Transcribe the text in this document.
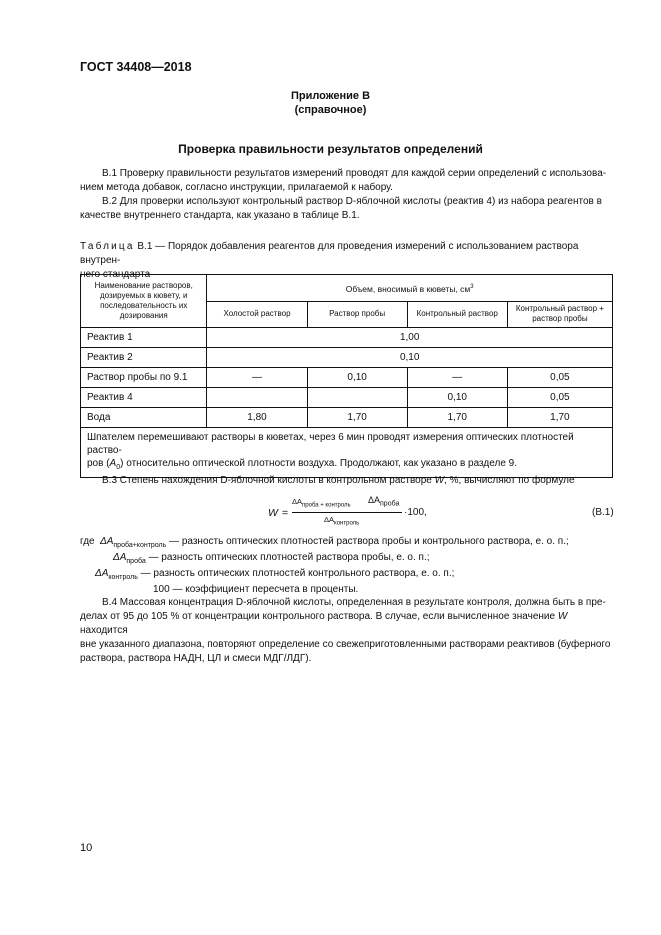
ГОСТ 34408—2018
Приложение В
(справочное)
Проверка правильности результатов определений
В.1 Проверку правильности результатов измерений проводят для каждой серии определений с использова-
нием метода добавок, согласно инструкции, прилагаемой к набору.
В.2 Для проверки используют контрольный раствор D-яблочной кислоты (реактив 4) из набора реагентов в
качестве внутреннего стандарта, как указано в таблице В.1.
Таблица В.1 — Порядок добавления реагентов для проведения измерений с использованием раствора внутрен-
него стандарта
Наименование растворов, дозируемых в кювету, и последовательность их дозирования	Объем, вносимый в кюветы, $см^3$
	Холостой раствор	Раствор пробы	Контрольный раствор	Контрольный раствор + раствор пробы
Реактив 1	1,00			
Реактив 2	0,10			
Раствор пробы по 9.1	—	0,10	—	0,05
Реактив 4			0,10	0,05
Вода	1,80	1,70	1,70	1,70

Шпателем перемешивают растворы в кюветах, через 6 мин проводят измерения оптических плотностей раство-
ров $(A_0)$ относительно оптической плотности воздуха. Продолжают, как указано в разделе 9.				
В.3 Степень нахождения D-яблочной кислоты в контрольном растворе W, %, вычисляют по формуле
W =
$\Delta A_{проба + контроль}$
$\Delta A_{проба}$
$\Delta A_{контроль}$
·100,	(В.1)
где $\Delta A_{проба+контроль}$ — разность оптических плотностей раствора пробы и контрольного раствора, е. о. п.;
$\Delta A_{проба}$ — разность оптических плотностей раствора пробы, е. о. п.;
$\Delta A_{контроль}$ — разность оптических плотностей контрольного раствора, е. о. п.;
100 — коэффициент пересчета в проценты.
В.4 Массовая концентрация D-яблочной кислоты, определенная в результате контроля, должна быть в пре-
делах от 95 до 105 % от концентрации контрольного раствора. В случае, если вычисленное значение W находится
вне указанного диапазона, повторяют определение со свежеприготовленными растворами реактивов (буферного
раствора, раствора НАДН, ЦЛ и смеси МДГ/ЛДГ).
10
